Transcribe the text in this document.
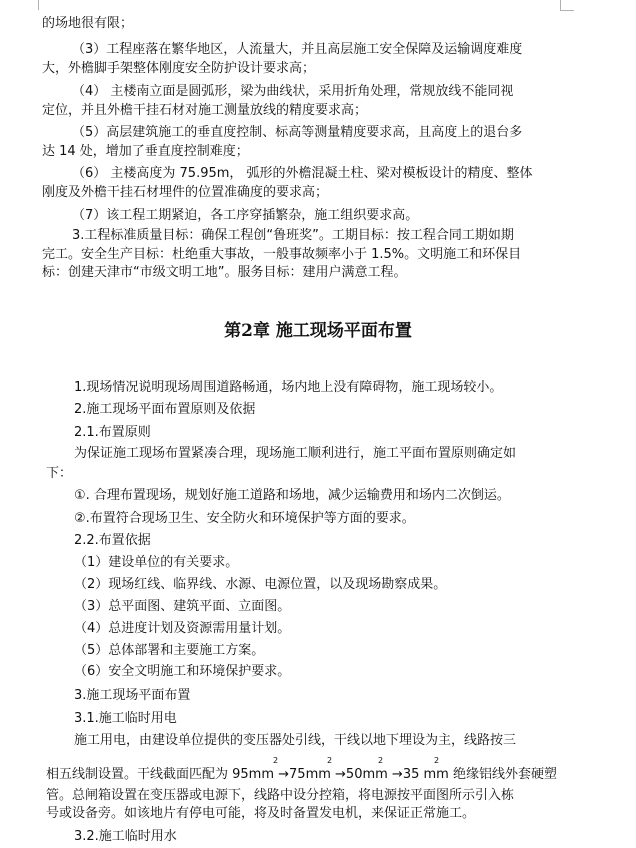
的场地很有限；
（3）工程座落在繁华地区，人流量大，并且高层施工安全保障及运输调度难度
大，外檐脚手架整体刚度安全防护设计要求高；
（4） 主楼南立面是圆弧形，梁为曲线状，采用折角处理，常规放线不能同视
定位，并且外檐干挂石材对施工测量放线的精度要求高；
（5）高层建筑施工的垂直度控制、标高等测量精度要求高，且高度上的退台多
达 14 处，增加了垂直度控制难度；
（6） 主楼高度为 75.95m， 弧形的外檐混凝土柱、梁对模板设计的精度、整体
刚度及外檐干挂石材埋件的位置准确度的要求高；
（7）该工程工期紧迫，各工序穿插繁杂，施工组织要求高。
3.工程标准质量目标：确保工程创“鲁班奖”。工期目标：按工程合同工期如期
完工。安全生产目标：杜绝重大事故，一般事故频率小于 1.5%。文明施工和环保目
标：创建天津市“市级文明工地”。服务目标：建用户满意工程。
第2章 施工现场平面布置
1.现场情况说明现场周围道路畅通，场内地上没有障碍物，施工现场较小。
2.施工现场平面布置原则及依据
2.1.布置原则
为保证施工现场布置紧凑合理，现场施工顺利进行，施工平面布置原则确定如
下：
①. 合理布置现场，规划好施工道路和场地，减少运输费用和场内二次倒运。
②.布置符合现场卫生、安全防火和环境保护等方面的要求。
2.2.布置依据
（1）建设单位的有关要求。
（2）现场红线、临界线、水源、电源位置，以及现场勘察成果。
（3）总平面图、建筑平面、立面图。
（4）总进度计划及资源需用量计划。
（5）总体部署和主要施工方案。
（6）安全文明施工和环境保护要求。
3.施工现场平面布置
3.1.施工临时用电
施工用电，由建设单位提供的变压器处引线，干线以地下埋设为主，线路按三
相五线制设置。干线截面匹配为 95mm →75mm →50mm →35 mm 绝缘铝线外套硬塑
2	2	2	2
管。总闸箱设置在变压器或电源下，线路中设分控箱，将电源按平面图所示引入栋
号或设备旁。如该地片有停电可能，将及时备置发电机，来保证正常施工。
3.2.施工临时用水
